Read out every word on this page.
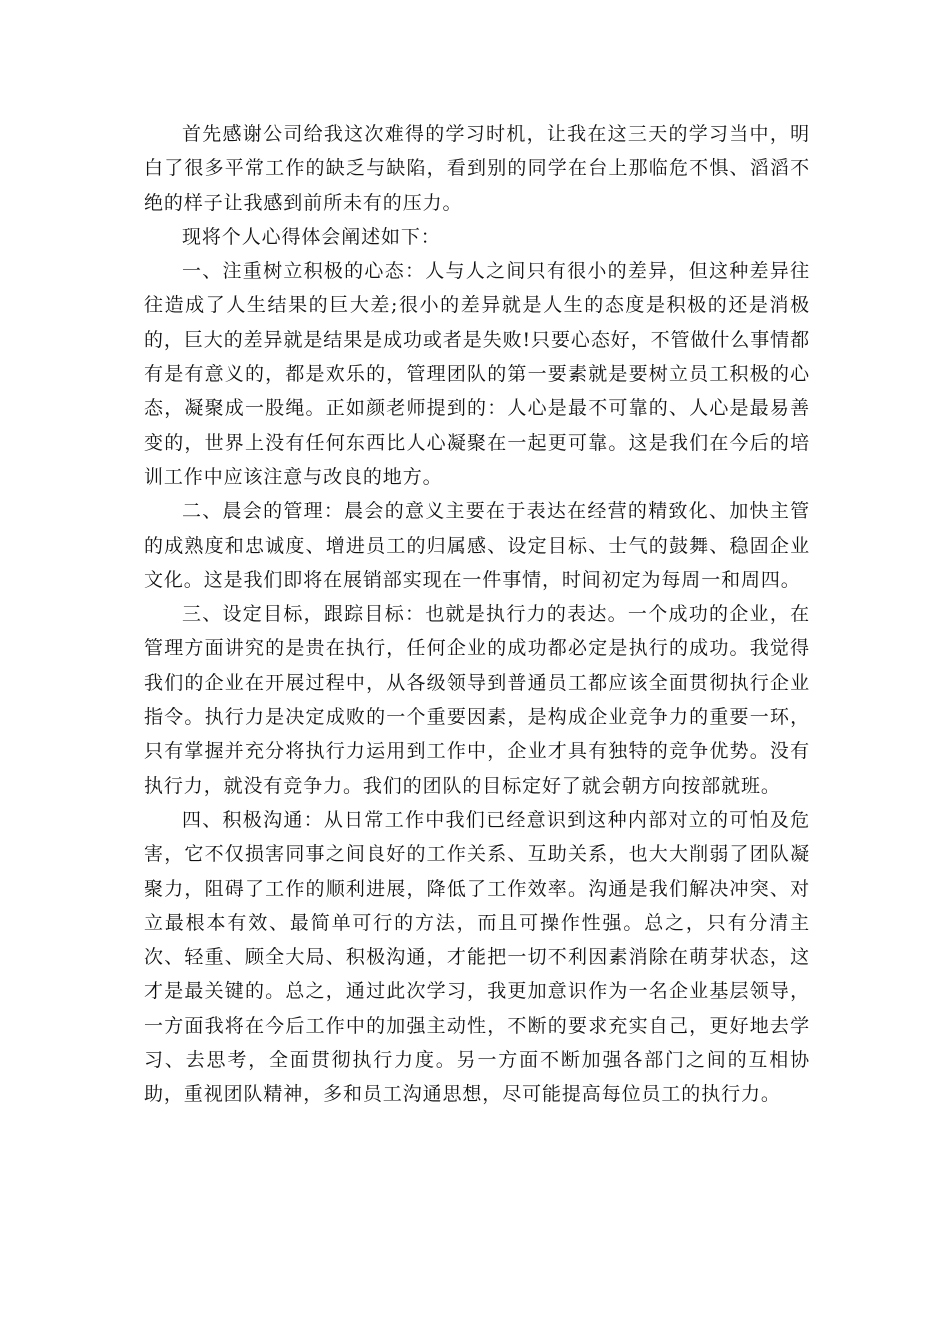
首先感谢公司给我这次难得的学习时机，让我在这三天的学习当中，明白了很多平常工作的缺乏与缺陷，看到别的同学在台上那临危不惧、滔滔不绝的样子让我感到前所未有的压力。

现将个人心得体会阐述如下：

一、注重树立积极的心态：人与人之间只有很小的差异，但这种差异往往造成了人生结果的巨大差;很小的差异就是人生的态度是积极的还是消极的，巨大的差异就是结果是成功或者是失败!只要心态好，不管做什么事情都有是有意义的，都是欢乐的，管理团队的第一要素就是要树立员工积极的心态，凝聚成一股绳。正如颜老师提到的：人心是最不可靠的、人心是最易善变的，世界上没有任何东西比人心凝聚在一起更可靠。这是我们在今后的培训工作中应该注意与改良的地方。

二、晨会的管理：晨会的意义主要在于表达在经营的精致化、加快主管的成熟度和忠诚度、增进员工的归属感、设定目标、士气的鼓舞、稳固企业文化。这是我们即将在展销部实现在一件事情，时间初定为每周一和周四。

三、设定目标，跟踪目标：也就是执行力的表达。一个成功的企业，在管理方面讲究的是贵在执行，任何企业的成功都必定是执行的成功。我觉得我们的企业在开展过程中，从各级领导到普通员工都应该全面贯彻执行企业指令。执行力是决定成败的一个重要因素，是构成企业竞争力的重要一环，只有掌握并充分将执行力运用到工作中，企业才具有独特的竞争优势。没有执行力，就没有竞争力。我们的团队的目标定好了就会朝方向按部就班。

四、积极沟通：从日常工作中我们已经意识到这种内部对立的可怕及危害，它不仅损害同事之间良好的工作关系、互助关系，也大大削弱了团队凝聚力，阻碍了工作的顺利进展，降低了工作效率。沟通是我们解决冲突、对立最根本有效、最简单可行的方法，而且可操作性强。总之，只有分清主次、轻重、顾全大局、积极沟通，才能把一切不利因素消除在萌芽状态，这才是最关键的。总之，通过此次学习，我更加意识作为一名企业基层领导，一方面我将在今后工作中的加强主动性，不断的要求充实自己，更好地去学习、去思考，全面贯彻执行力度。另一方面不断加强各部门之间的互相协助，重视团队精神，多和员工沟通思想，尽可能提高每位员工的执行力。
